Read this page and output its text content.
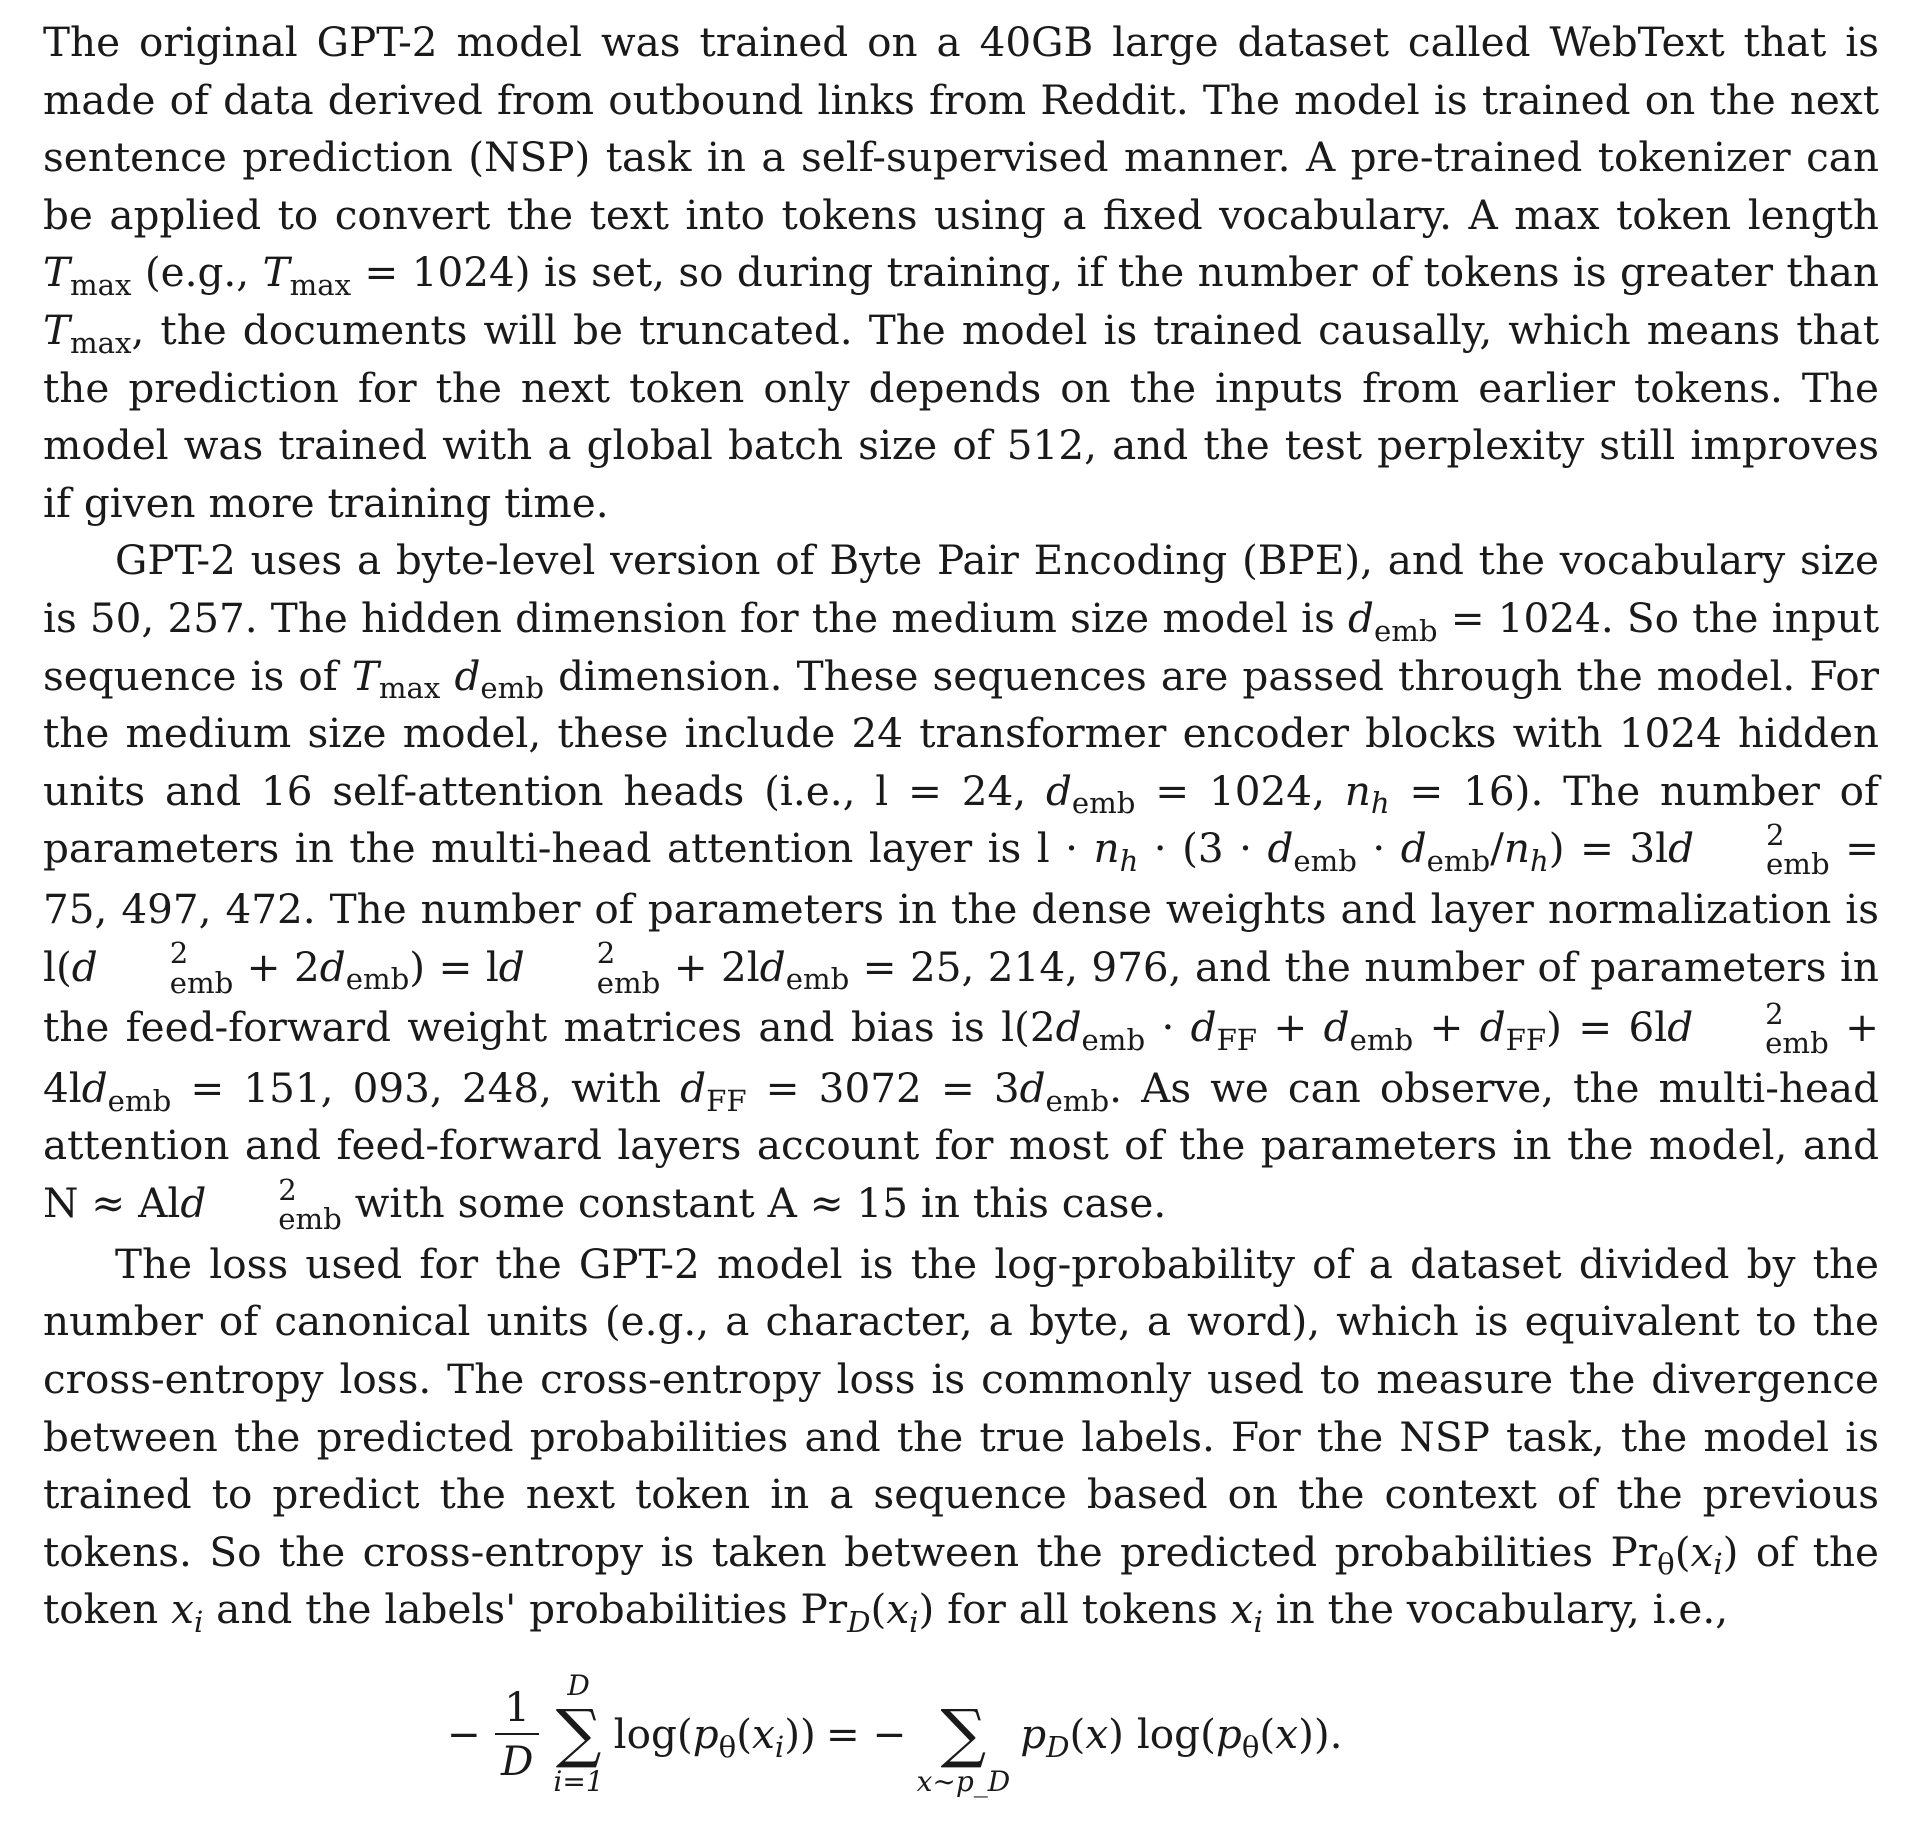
The original GPT-2 model was trained on a 40GB large dataset called WebText that is made of data derived from outbound links from Reddit. The model is trained on the next sentence prediction (NSP) task in a self-supervised manner. A pre-trained tokenizer can be applied to convert the text into tokens using a fixed vocabulary. A max token length $T_{max}$ (e.g., $T_{max} = 1024$) is set, so during training, if the number of tokens is greater than $T_{max}$, the documents will be truncated. The model is trained causally, which means that the prediction for the next token only depends on the inputs from earlier tokens. The model was trained with a global batch size of 512, and the test perplexity still improves if given more training time.

GPT-2 uses a byte-level version of Byte Pair Encoding (BPE), and the vocabulary size is 50, 257. The hidden dimension for the medium size model is $d_{emb} = 1024$. So the input sequence is of $T_{max}$ $d_{emb}$ dimension. These sequences are passed through the model. For the medium size model, these include 24 transformer encoder blocks with 1024 hidden units and 16 self-attention heads (i.e., l = 24, $d_{emb} = 1024$, $n_h = 16$). The number of parameters in the multi-head attention layer is $l \cdot n_h \cdot (3 \cdot d_{emb} \cdot d_{emb}/n_h) = 3ld$	2
emb = 75, 497, 472. The number of parameters in the dense weights and layer normalization is l(d	2
emb + $2d_{emb}$) = ld	2
emb + $2ld_{emb} = 25$, 214, 976, and the number of parameters in the feed-forward weight matrices and bias is $l(2d_{emb} \cdot d_{FF} + d_{emb} + d_{FF}) = 6ld$	2
emb + $4ld_{emb} = 151$, 093, 248, with $d_{FF} = 3072 = 3d_{emb}$. As we can observe, the multi-head attention and feed-forward layers account for most of the parameters in the model, and N ≈ Ald	2
emb with some constant A ≈ 15 in this case.

The loss used for the GPT-2 model is the log-probability of a dataset divided by the number of canonical units (e.g., a character, a byte, a word), which is equivalent to the cross-entropy loss. The cross-entropy loss is commonly used to measure the divergence between the predicted probabilities and the true labels. For the NSP task, the model is trained to predict the next token in a sequence based on the context of the previous tokens. So the cross-entropy is taken between the predicted probabilities $Pr_\theta(x_i)$ of the token $x_i$ and the labels' probabilities $Pr_D(x_i)$ for all tokens $x_i$ in the vocabulary, i.e.,

− $\frac{1}{D}$
D
∑
i=1
$\log(p_\theta(x_i))$ = −
∑
x∼p_D
$p_D(x)$ $\log(p_\theta(x))$.
